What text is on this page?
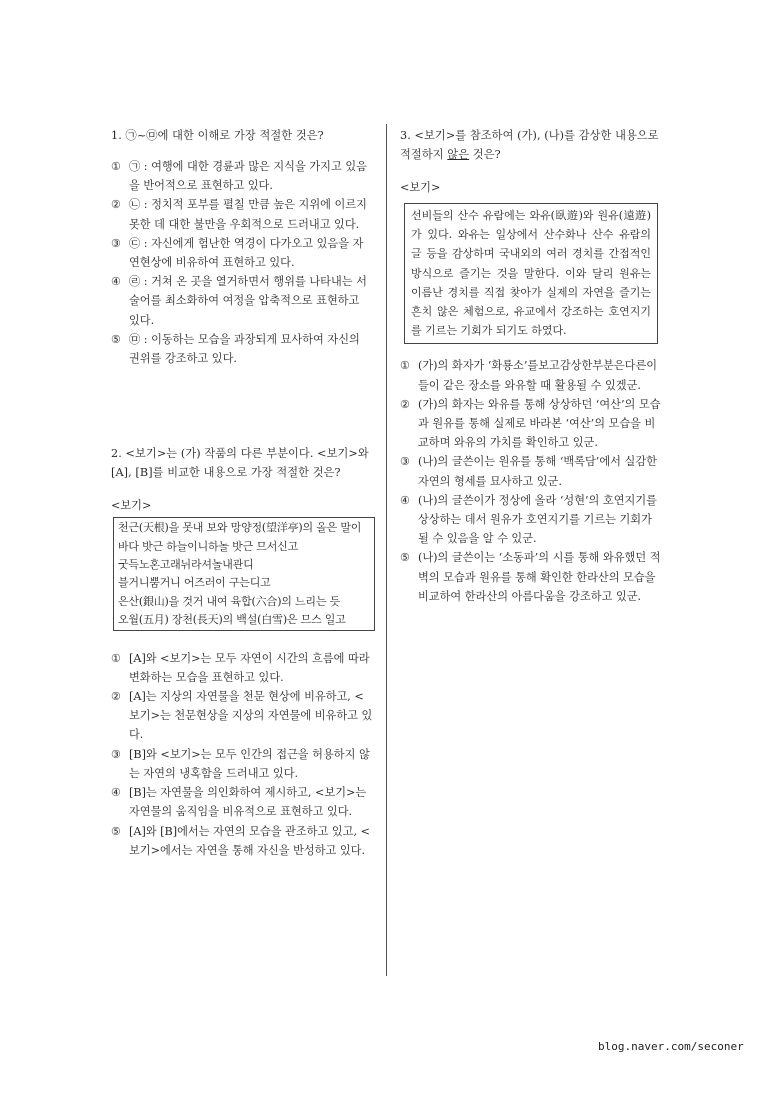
1. ㉠~㉤에 대한 이해로 가장 적절한 것은?
① ㉠ : 여행에 대한 경륜과 많은 지식을 가지고 있음을 반어적으로 표현하고 있다.
② ㉡ : 정치적 포부를 펼칠 만큼 높은 지위에 이르지 못한 데 대한 불만을 우회적으로 드러내고 있다.
③ ㉢ : 자신에게 험난한 역경이 다가오고 있음을 자연현상에 비유하여 표현하고 있다.
④ ㉣ : 거쳐 온 곳을 열거하면서 행위를 나타내는 서술어를 최소화하여 여정을 압축적으로 표현하고 있다.
⑤ ㉤ : 이동하는 모습을 과장되게 묘사하여 자신의 권위를 강조하고 있다.
2. <보기>는 (가) 작품의 다른 부분이다. <보기>와 [A], [B]를 비교한 내용으로 가장 적절한 것은?
<보기>
천근(天根)을 못내 보와 망양정(望洋亭)의 올은 말이
바다 밧근 하늘이니하놀 밧근 므서신고
굿득노혼고래뉘라셔놀내관디
블거니뿜거니 어즈러이 구는디고
은산(銀山)을 것거 내여 육합(六合)의 느리는 듯
오월(五月) 장천(長天)의 백설(白雪)은 므스 일고
① [A]와 <보기>는 모두 자연이 시간의 흐름에 따라 변화하는 모습을 표현하고 있다.
② [A]는 지상의 자연물을 천문 현상에 비유하고, <보기>는 천문현상을 지상의 자연물에 비유하고 있다.
③ [B]와 <보기>는 모두 인간의 접근을 허용하지 않는 자연의 냉혹함을 드러내고 있다.
④ [B]는 자연물을 의인화하여 제시하고, <보기>는 자연물의 움직임을 비유적으로 표현하고 있다.
⑤ [A]와 [B]에서는 자연의 모습을 관조하고 있고, <보기>에서는 자연을 통해 자신을 반성하고 있다.
3. <보기>를 참조하여 (가), (나)를 감상한 내용으로 적절하지 않은 것은?
<보기>
선비들의 산수 유람에는 와유(臥遊)와 원유(遠遊)가 있다. 와유는 일상에서 산수화나 산수 유람의 글 등을 감상하며 국내외의 여러 경치를 간접적인 방식으로 즐기는 것을 말한다. 이와 달리 원유는 이름난 경치를 직접 찾아가 실제의 자연을 즐기는 흔치 않은 체험으로, 유교에서 강조하는 호연지기를 기르는 기회가 되기도 하였다.
① (가)의 화자가 ‘화룡소’를보고감상한부분은다른이들이 같은 장소를 와유할 때 활용될 수 있겠군.
② (가)의 화자는 와유를 통해 상상하던 ‘여산’의 모습과 원유를 통해 실제로 바라본 ‘여산’의 모습을 비교하며 와유의 가치를 확인하고 있군.
③ (나)의 글쓴이는 원유를 통해 ‘백록담’에서 실감한 자연의 형세를 묘사하고 있군.
④ (나)의 글쓴이가 정상에 올라 ‘성현’의 호연지기를 상상하는 데서 원유가 호연지기를 기르는 기회가 될 수 있음을 알 수 있군.
⑤ (나)의 글쓴이는 ‘소동파’의 시를 통해 와유했던 적벽의 모습과 원유를 통해 확인한 한라산의 모습을 비교하여 한라산의 아름다움을 강조하고 있군.
blog.naver.com/seconer
